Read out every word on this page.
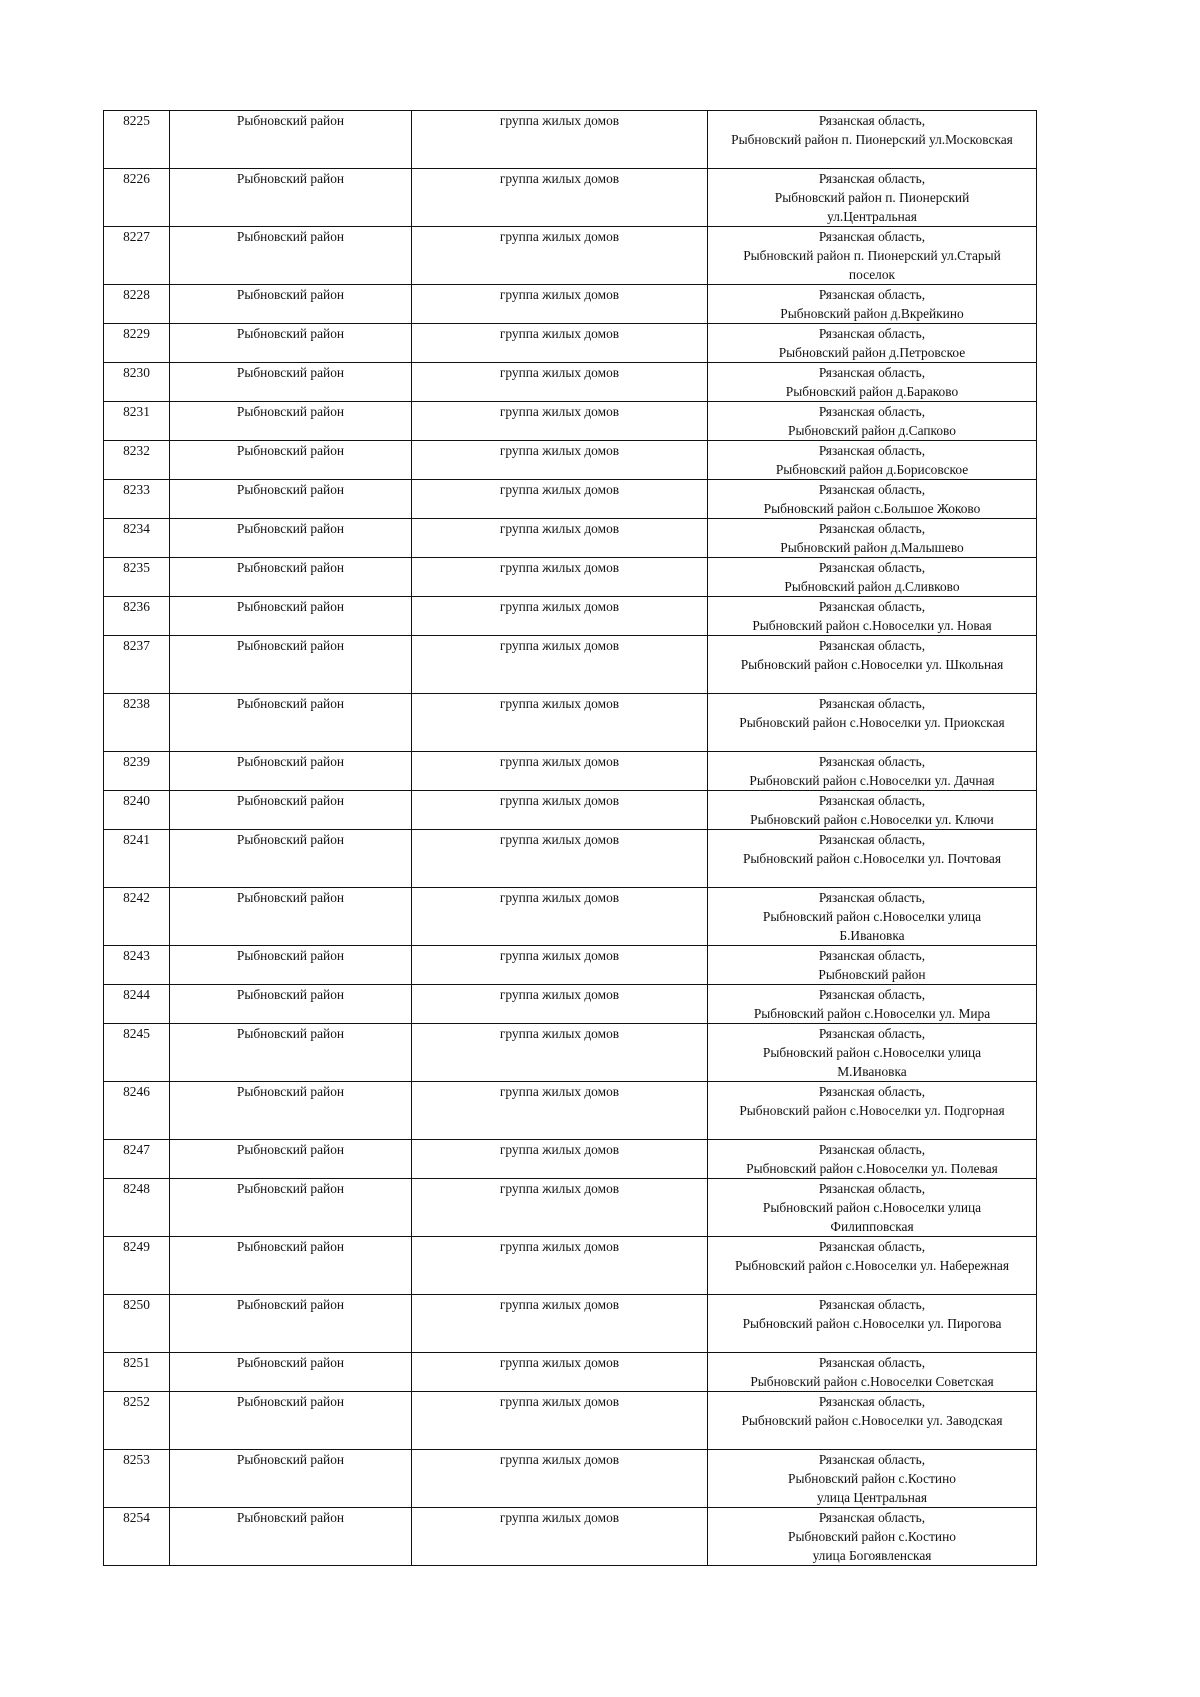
8225	Рыбновский район	группа жилых домов	Рязанская область,
Рыбновский район п. Пионерский ул.Московская

8226	Рыбновский район	группа жилых домов	Рязанская область,
Рыбновский район п. Пионерский
ул.Центральная

8227	Рыбновский район	группа жилых домов	Рязанская область,
Рыбновский район п. Пионерский ул.Старый
поселок

8228	Рыбновский район	группа жилых домов	Рязанская область,
Рыбновский район д.Вкрейкино

8229	Рыбновский район	группа жилых домов	Рязанская область,
Рыбновский район д.Петровское

8230	Рыбновский район	группа жилых домов	Рязанская область,
Рыбновский район д.Бараково

8231	Рыбновский район	группа жилых домов	Рязанская область,
Рыбновский район д.Сапково

8232	Рыбновский район	группа жилых домов	Рязанская область,
Рыбновский район д.Борисовское

8233	Рыбновский район	группа жилых домов	Рязанская область,
Рыбновский район с.Большое Жоково

8234	Рыбновский район	группа жилых домов	Рязанская область,
Рыбновский район д.Малышево

8235	Рыбновский район	группа жилых домов	Рязанская область,
Рыбновский район д.Сливково

8236	Рыбновский район	группа жилых домов	Рязанская область,
Рыбновский район с.Новоселки ул. Новая

8237	Рыбновский район	группа жилых домов	Рязанская область,
Рыбновский район с.Новоселки ул. Школьная

8238	Рыбновский район	группа жилых домов	Рязанская область,
Рыбновский район с.Новоселки ул. Приокская

8239	Рыбновский район	группа жилых домов	Рязанская область,
Рыбновский район с.Новоселки ул. Дачная

8240	Рыбновский район	группа жилых домов	Рязанская область,
Рыбновский район с.Новоселки ул. Ключи

8241	Рыбновский район	группа жилых домов	Рязанская область,
Рыбновский район с.Новоселки ул. Почтовая

8242	Рыбновский район	группа жилых домов	Рязанская область,
Рыбновский район с.Новоселки улица
Б.Ивановка

8243	Рыбновский район	группа жилых домов	Рязанская область,
Рыбновский район

8244	Рыбновский район	группа жилых домов	Рязанская область,
Рыбновский район с.Новоселки ул. Мира

8245	Рыбновский район	группа жилых домов	Рязанская область,
Рыбновский район с.Новоселки улица
М.Ивановка

8246	Рыбновский район	группа жилых домов	Рязанская область,
Рыбновский район с.Новоселки ул. Подгорная

8247	Рыбновский район	группа жилых домов	Рязанская область,
Рыбновский район с.Новоселки ул. Полевая

8248	Рыбновский район	группа жилых домов	Рязанская область,
Рыбновский район с.Новоселки улица
Филипповская

8249	Рыбновский район	группа жилых домов	Рязанская область,
Рыбновский район с.Новоселки ул. Набережная

8250	Рыбновский район	группа жилых домов	Рязанская область,
Рыбновский район с.Новоселки ул. Пирогова

8251	Рыбновский район	группа жилых домов	Рязанская область,
Рыбновский район с.Новоселки Советская

8252	Рыбновский район	группа жилых домов	Рязанская область,
Рыбновский район с.Новоселки ул. Заводская

8253	Рыбновский район	группа жилых домов	Рязанская область,
Рыбновский район с.Костино
улица Центральная

8254	Рыбновский район	группа жилых домов	Рязанская область,
Рыбновский район с.Костино
улица Богоявленская
